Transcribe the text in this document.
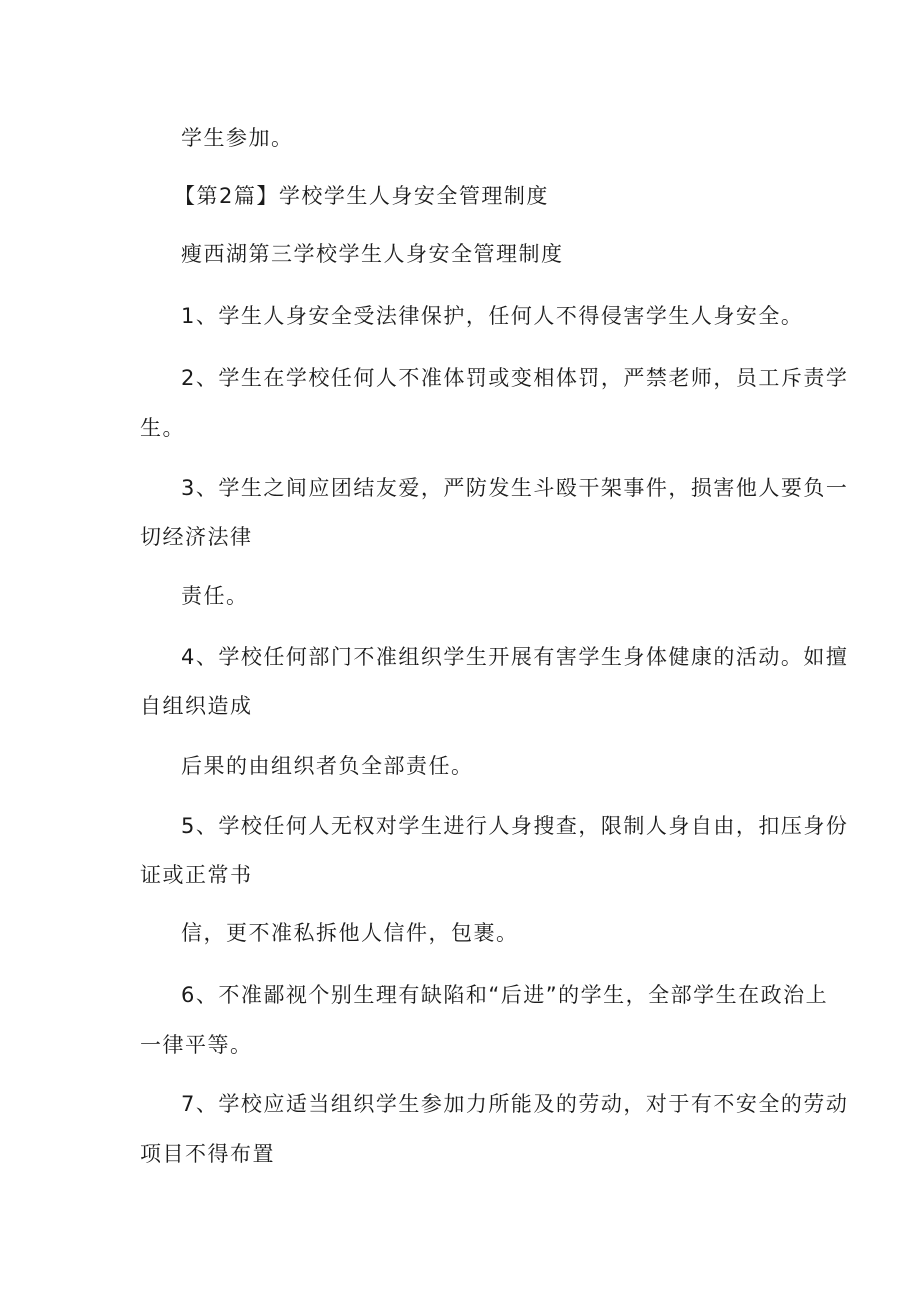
学生参加。
【第2篇】学校学生人身安全管理制度
瘦西湖第三学校学生人身安全管理制度
1、学生人身安全受法律保护，任何人不得侵害学生人身安全。
2、学生在学校任何人不准体罚或变相体罚，严禁老师，员工斥责学
生。
3、学生之间应团结友爱，严防发生斗殴干架事件，损害他人要负一
切经济法律
责任。
4、学校任何部门不准组织学生开展有害学生身体健康的活动。如擅
自组织造成
后果的由组织者负全部责任。
5、学校任何人无权对学生进行人身搜查，限制人身自由，扣压身份
证或正常书
信，更不准私拆他人信件，包裹。
6、不准鄙视个别生理有缺陷和“后进”的学生，全部学生在政治上
一律平等。
7、学校应适当组织学生参加力所能及的劳动，对于有不安全的劳动
项目不得布置
